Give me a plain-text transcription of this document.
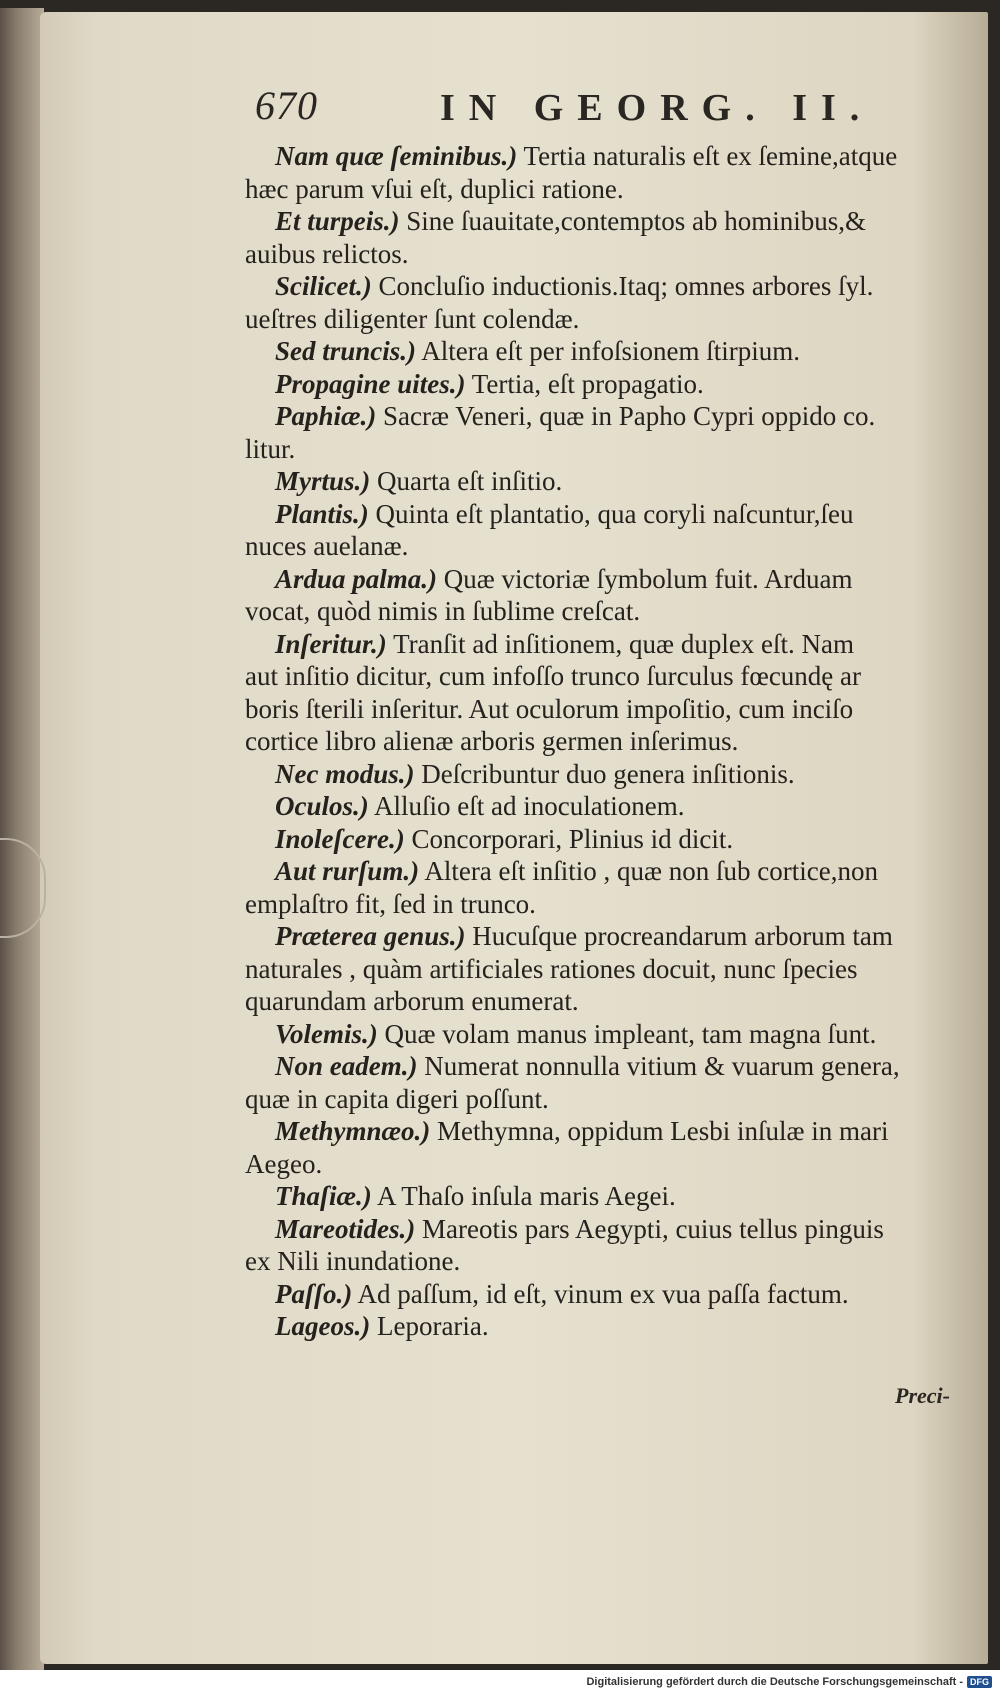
670	IN GEORG. II.
Nam quæ ſeminibus.) Tertia naturalis eſt ex ſemine,atque
hæc parum vſui eſt, duplici ratione.
Et turpeis.) Sine ſuauitate,contemptos ab hominibus,&
auibus relictos.
Scilicet.) Concluſio inductionis.Itaq; omnes arbores ſyl.
ueſtres diligenter ſunt colendæ.
Sed truncis.) Altera eſt per infoſsionem ſtirpium.
Propagine uites.) Tertia, eſt propagatio.
Paphiæ.) Sacræ Veneri, quæ in Papho Cypri oppido co.
litur.
Myrtus.) Quarta eſt inſitio.
Plantis.) Quinta eſt plantatio, qua coryli naſcuntur,ſeu
nuces auelanæ.
Ardua palma.) Quæ victoriæ ſymbolum fuit. Arduam
vocat, quòd nimis in ſublime creſcat.
Inſeritur.) Tranſit ad inſitionem, quæ duplex eſt. Nam
aut inſitio dicitur, cum infoſſo trunco ſurculus fœcundę ar
boris ſterili inſeritur. Aut oculorum impoſitio, cum inciſo
cortice libro alienæ arboris germen inſerimus.
Nec modus.) Deſcribuntur duo genera inſitionis.
Oculos.) Alluſio eſt ad inoculationem.
Inoleſcere.) Concorporari, Plinius id dicit.
Aut rurſum.) Altera eſt inſitio , quæ non ſub cortice,non
emplaſtro fit, ſed in trunco.
Præterea genus.) Hucuſque procreandarum arborum tam
naturales , quàm artificiales rationes docuit, nunc ſpecies
quarundam arborum enumerat.
Volemis.) Quæ volam manus impleant, tam magna ſunt.
Non eadem.) Numerat nonnulla vitium & vuarum genera,
quæ in capita digeri poſſunt.
Methymnæo.) Methymna, oppidum Lesbi inſulæ in mari
Aegeo.
Thaſiæ.) A Thaſo inſula maris Aegei.
Mareotides.) Mareotis pars Aegypti, cuius tellus pinguis
ex Nili inundatione.
Paſſo.) Ad paſſum, id eſt, vinum ex vua paſſa factum.
Lageos.) Leporaria.
Preci-
Digitalisierung gefördert durch die Deutsche Forschungsgemeinschaft - DFG
